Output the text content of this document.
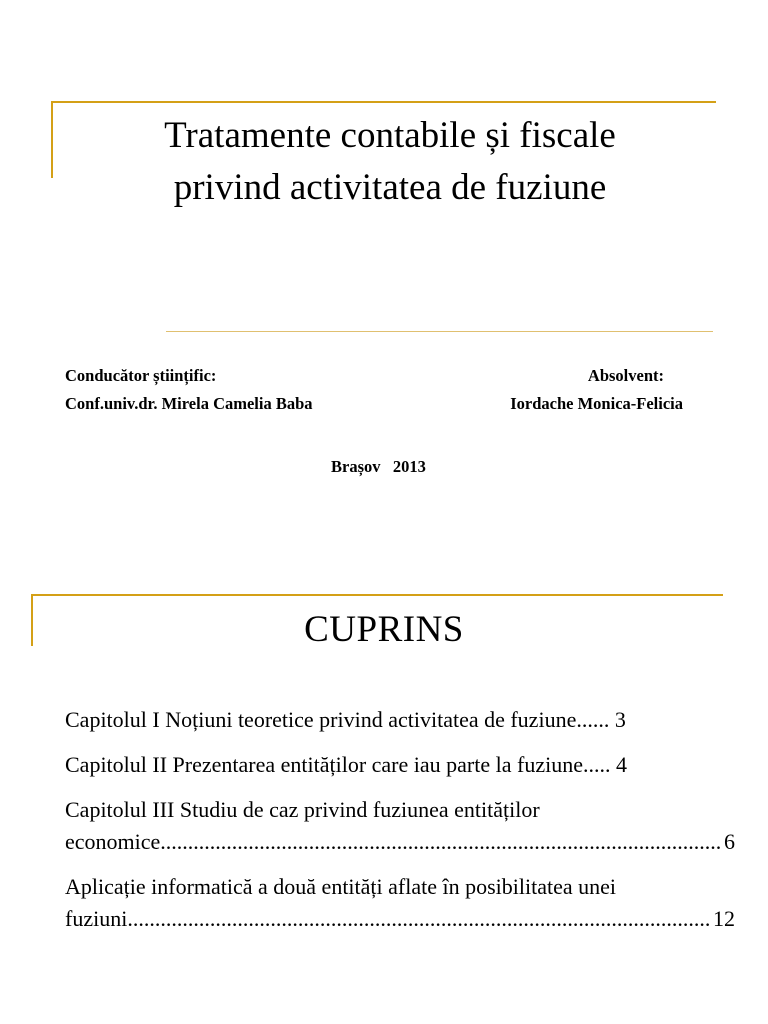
Tratamente contabile și fiscale
privind activitatea de fuziune
Conducător științific:
Conf.univ.dr. Mirela Camelia Baba
Absolvent:
Iordache Monica-Felicia
Brașov   2013
CUPRINS
Capitolul I Noțiuni teoretice privind activitatea de fuziune ......
3
Capitolul II Prezentarea entităților care iau parte la fuziune .....
4
Capitolul III Studiu de caz privind fuziunea entităților
economice .....	6
Aplicație informatică a două entități aflate în posibilitatea unei
fuziuni .....	12
